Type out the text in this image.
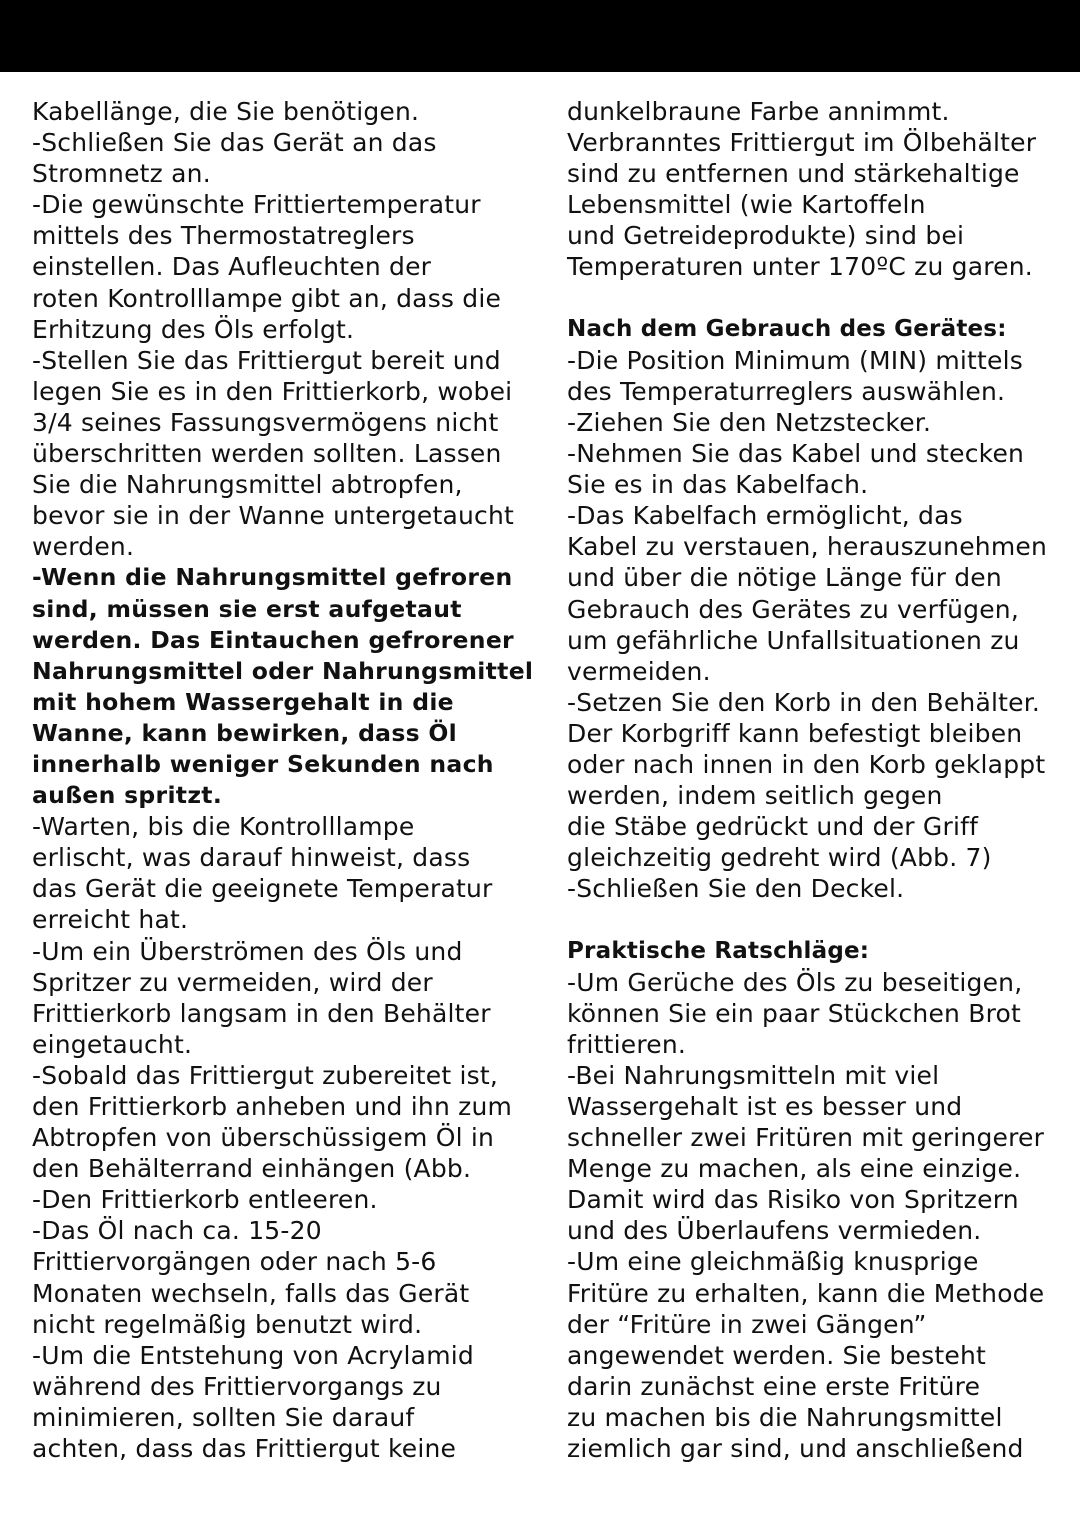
Kabellänge, die Sie benötigen.
-Schließen Sie das Gerät an das
Stromnetz an.
-Die gewünschte Frittiertemperatur
mittels des Thermostatreglers
einstellen. Das Aufleuchten der
roten Kontrolllampe gibt an, dass die
Erhitzung des Öls erfolgt.
-Stellen Sie das Frittiergut bereit und
legen Sie es in den Frittierkorb, wobei
3/4 seines Fassungsvermögens nicht
überschritten werden sollten. Lassen
Sie die Nahrungsmittel abtropfen,
bevor sie in der Wanne untergetaucht
werden.
-Wenn die Nahrungsmittel gefroren
sind, müssen sie erst aufgetaut
werden. Das Eintauchen gefrorener
Nahrungsmittel oder Nahrungsmittel
mit hohem Wassergehalt in die
Wanne, kann bewirken, dass Öl
innerhalb weniger Sekunden nach
außen spritzt.
-Warten, bis die Kontrolllampe
erlischt, was darauf hinweist, dass
das Gerät die geeignete Temperatur
erreicht hat.
-Um ein Überströmen des Öls und
Spritzer zu vermeiden, wird der
Frittierkorb langsam in den Behälter
eingetaucht.
-Sobald das Frittiergut zubereitet ist,
den Frittierkorb anheben und ihn zum
Abtropfen von überschüssigem Öl in
den Behälterrand einhängen (Abb.
-Den Frittierkorb entleeren.
-Das Öl nach ca. 15-20
Frittiervorgängen oder nach 5-6
Monaten wechseln, falls das Gerät
nicht regelmäßig benutzt wird.
-Um die Entstehung von Acrylamid
während des Frittiervorgangs zu
minimieren, sollten Sie darauf
achten, dass das Frittiergut keine
dunkelbraune Farbe annimmt.
Verbranntes Frittiergut im Ölbehälter
sind zu entfernen und stärkehaltige
Lebensmittel (wie Kartoffeln
und Getreideprodukte) sind bei
Temperaturen unter 170ºC zu garen.
Nach dem Gebrauch des Gerätes:
-Die Position Minimum (MIN) mittels
des Temperaturreglers auswählen.
-Ziehen Sie den Netzstecker.
-Nehmen Sie das Kabel und stecken
Sie es in das Kabelfach.
-Das Kabelfach ermöglicht, das
Kabel zu verstauen, herauszunehmen
und über die nötige Länge für den
Gebrauch des Gerätes zu verfügen,
um gefährliche Unfallsituationen zu
vermeiden.
-Setzen Sie den Korb in den Behälter.
Der Korbgriff kann befestigt bleiben
oder nach innen in den Korb geklappt
werden, indem seitlich gegen
die Stäbe gedrückt und der Griff
gleichzeitig gedreht wird (Abb. 7)
-Schließen Sie den Deckel.
Praktische Ratschläge:
-Um Gerüche des Öls zu beseitigen,
können Sie ein paar Stückchen Brot
frittieren.
-Bei Nahrungsmitteln mit viel
Wassergehalt ist es besser und
schneller zwei Fritüren mit geringerer
Menge zu machen, als eine einzige.
Damit wird das Risiko von Spritzern
und des Überlaufens vermieden.
-Um eine gleichmäßig knusprige
Fritüre zu erhalten, kann die Methode
der “Fritüre in zwei Gängen”
angewendet werden. Sie besteht
darin zunächst eine erste Fritüre
zu machen bis die Nahrungsmittel
ziemlich gar sind, und anschließend
